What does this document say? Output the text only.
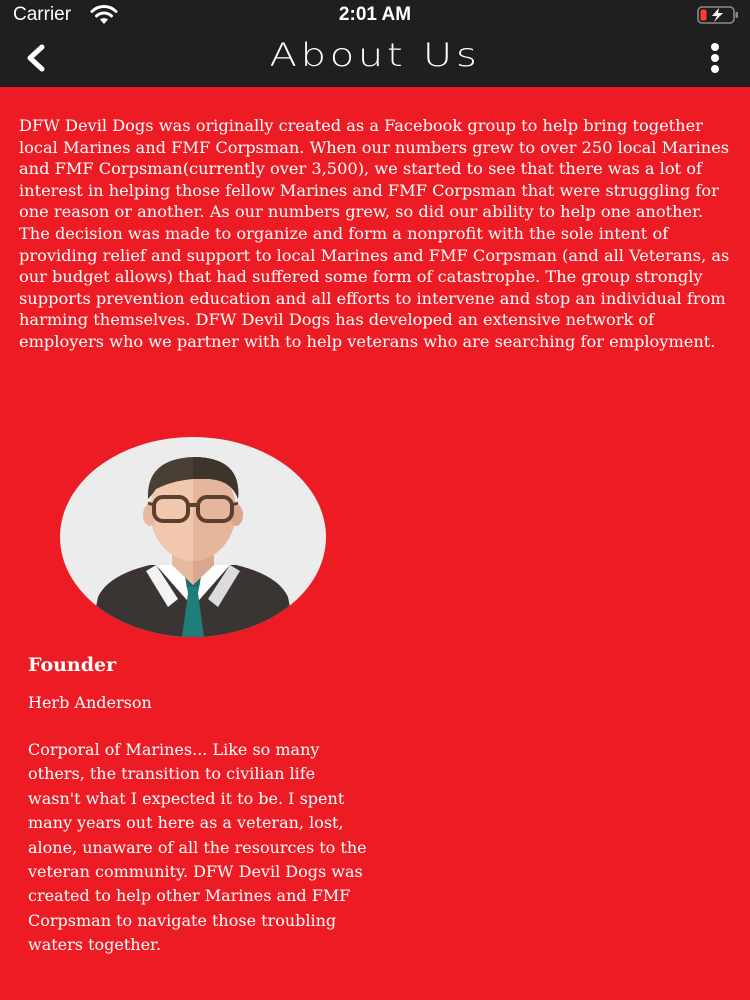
Carrier	2:01 AM
About Us

DFW Devil Dogs was originally created as a Facebook group to help bring together local Marines and FMF Corpsman. When our numbers grew to over 250 local Marines and FMF Corpsman(currently over 3,500), we started to see that there was a lot of interest in helping those fellow Marines and FMF Corpsman that were struggling for one reason or another. As our numbers grew, so did our ability to help one another. The decision was made to organize and form a nonprofit with the sole intent of providing relief and support to local Marines and FMF Corpsman (and all Veterans, as our budget allows) that had suffered some form of catastrophe. The group strongly supports prevention education and all efforts to intervene and stop an individual from harming themselves. DFW Devil Dogs has developed an extensive network of employers who we partner with to help veterans who are searching for employment.

Founder

Herb Anderson

Corporal of Marines... Like so many others, the transition to civilian life wasn't what I expected it to be. I spent many years out here as a veteran, lost, alone, unaware of all the resources to the veteran community. DFW Devil Dogs was created to help other Marines and FMF Corpsman to navigate those troubling waters together.
